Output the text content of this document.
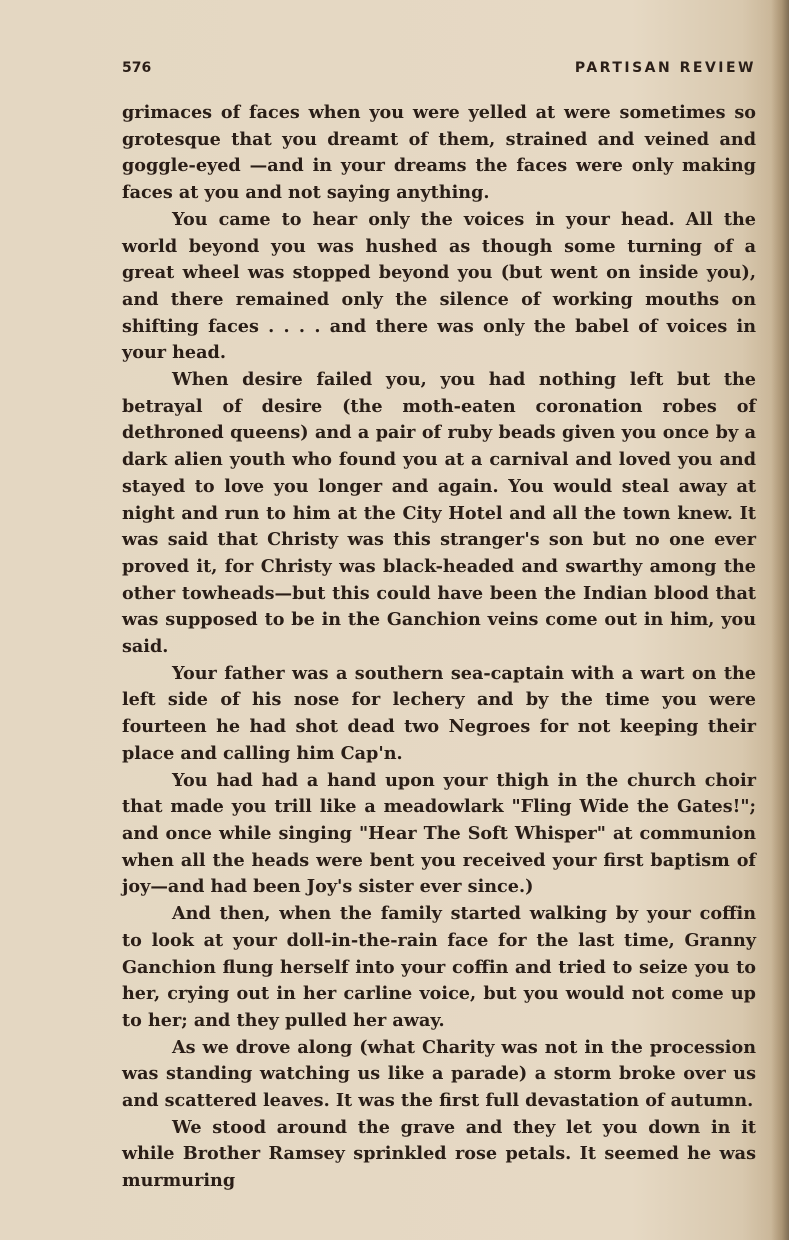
576	PARTISAN REVIEW

grimaces of faces when you were yelled at were sometimes so grotesque that you dreamt of them, strained and veined and goggle-eyed —and in your dreams the faces were only making faces at you and not saying anything.

You came to hear only the voices in your head. All the world beyond you was hushed as though some turning of a great wheel was stopped beyond you (but went on inside you), and there remained only the silence of working mouths on shifting faces . . . . and there was only the babel of voices in your head.

When desire failed you, you had nothing left but the betrayal of desire (the moth-eaten coronation robes of dethroned queens) and a pair of ruby beads given you once by a dark alien youth who found you at a carnival and loved you and stayed to love you longer and again. You would steal away at night and run to him at the City Hotel and all the town knew. It was said that Christy was this stranger's son but no one ever proved it, for Christy was black-headed and swarthy among the other towheads—but this could have been the Indian blood that was supposed to be in the Ganchion veins come out in him, you said.

Your father was a southern sea-captain with a wart on the left side of his nose for lechery and by the time you were fourteen he had shot dead two Negroes for not keeping their place and calling him Cap'n.

You had had a hand upon your thigh in the church choir that made you trill like a meadowlark "Fling Wide the Gates!"; and once while singing "Hear The Soft Whisper" at communion when all the heads were bent you received your first baptism of joy—and had been Joy's sister ever since.)

And then, when the family started walking by your coffin to look at your doll-in-the-rain face for the last time, Granny Ganchion flung herself into your coffin and tried to seize you to her, crying out in her carline voice, but you would not come up to her; and they pulled her away.

As we drove along (what Charity was not in the procession was standing watching us like a parade) a storm broke over us and scattered leaves. It was the first full devastation of autumn.

We stood around the grave and they let you down in it while Brother Ramsey sprinkled rose petals. It seemed he was murmuring
